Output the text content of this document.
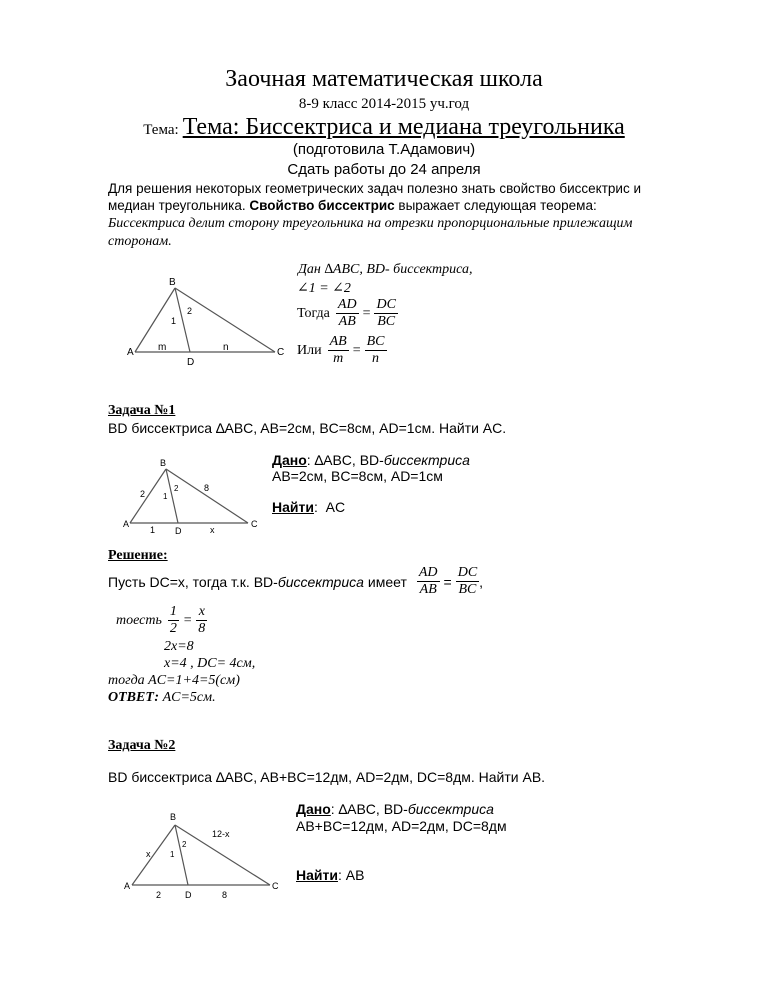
Заочная математическая школа
8-9 класс 2014-2015 уч.год
Тема: Тема: Биссектриса и медиана треугольника
(подготовила Т.Адамович)
Сдать работы до 24 апреля
Для решения некоторых геометрических задач полезно знать свойство биссектрис и медиан треугольника. Свойство биссектрис выражает следующая теорема:
Биссектриса делит сторону треугольника на отрезки пропорциональные прилежащим сторонам.
B
A	C
D
m	n
1
2
Дан ∆ABC, BD- биссектриса,
∠1 = ∠2
Тогда $\frac{AD}{AB} = \frac{DC}{BC}$
Или $\frac{AB}{m} = \frac{BC}{n}$
Задача №1
BD биссектриса ∆ABC, AB=2см, BC=8см, AD=1см. Найти AC.
B
A	C
D
2
8
1	x
1
2
Дано: ∆ABC, BD-биссектриса
AB=2см, BC=8см, AD=1см
Найти: AC
Решение:
Пусть DC=x, тогда т.к. BD- биссектриса имеет $\frac{AD}{AB} = \frac{DC}{BC}$ ,
тоесть $\frac{1}{2} = \frac{x}{8}$
2x=8
x=4 , DC= 4см,
тогда AC=1+4=5(см)
ОТВЕТ: AC=5см.
Задача №2
BD биссектриса ∆ABC, AB+BC=12дм, AD=2дм, DC=8дм. Найти AB.
Дано: ∆ABC, BD-биссектриса
AB+BC=12дм, AD=2дм, DC=8дм
Найти: AB
B
A	C
D
x
12-x
2	8
1
2
